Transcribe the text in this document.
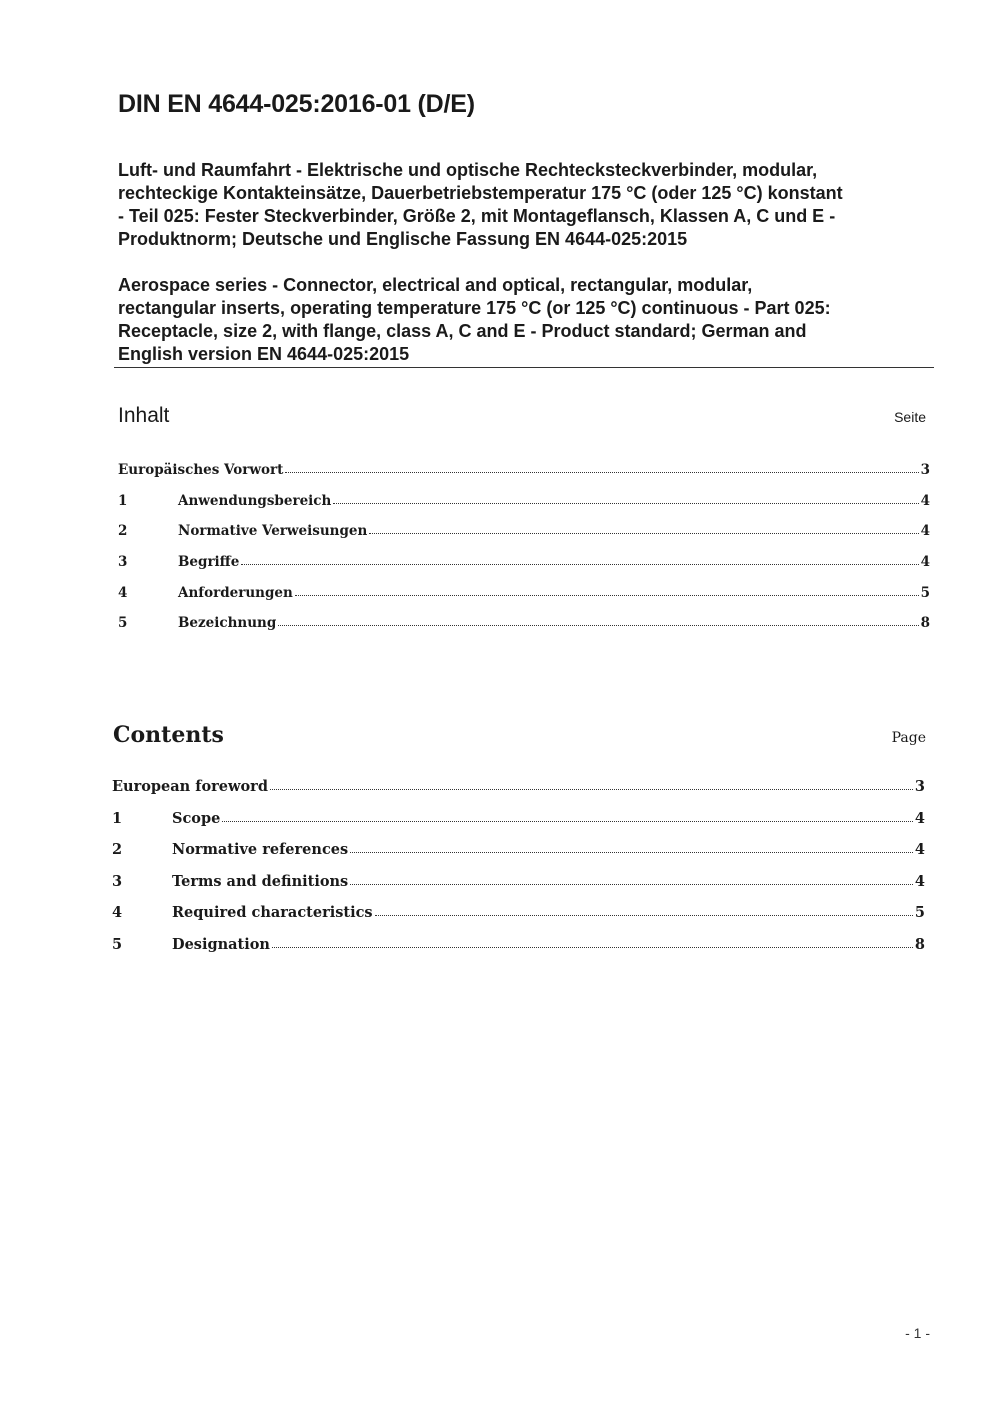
DIN EN 4644-025:2016-01 (D/E)

Luft- und Raumfahrt - Elektrische und optische Rechtecksteckverbinder, modular,
rechteckige Kontakteinsätze, Dauerbetriebstemperatur 175 °C (oder 125 °C) konstant
- Teil 025: Fester Steckverbinder, Größe 2, mit Montageflansch, Klassen A, C und E -
Produktnorm; Deutsche und Englische Fassung EN 4644-025:2015

Aerospace series - Connector, electrical and optical, rectangular, modular,
rectangular inserts, operating temperature 175 °C (or 125 °C) continuous - Part 025:
Receptacle, size 2, with flange, class A, C and E - Product standard; German and
English version EN 4644-025:2015

Inhalt	Seite
Europäisches Vorwort	3
1	Anwendungsbereich	4
2	Normative Verweisungen	4
3	Begriffe	4
4	Anforderungen	5
5	Bezeichnung	8
Contents	Page
European foreword	3
1	Scope	4
2	Normative references	4
3	Terms and definitions	4
4	Required characteristics	5
5	Designation	8
- 1 -
